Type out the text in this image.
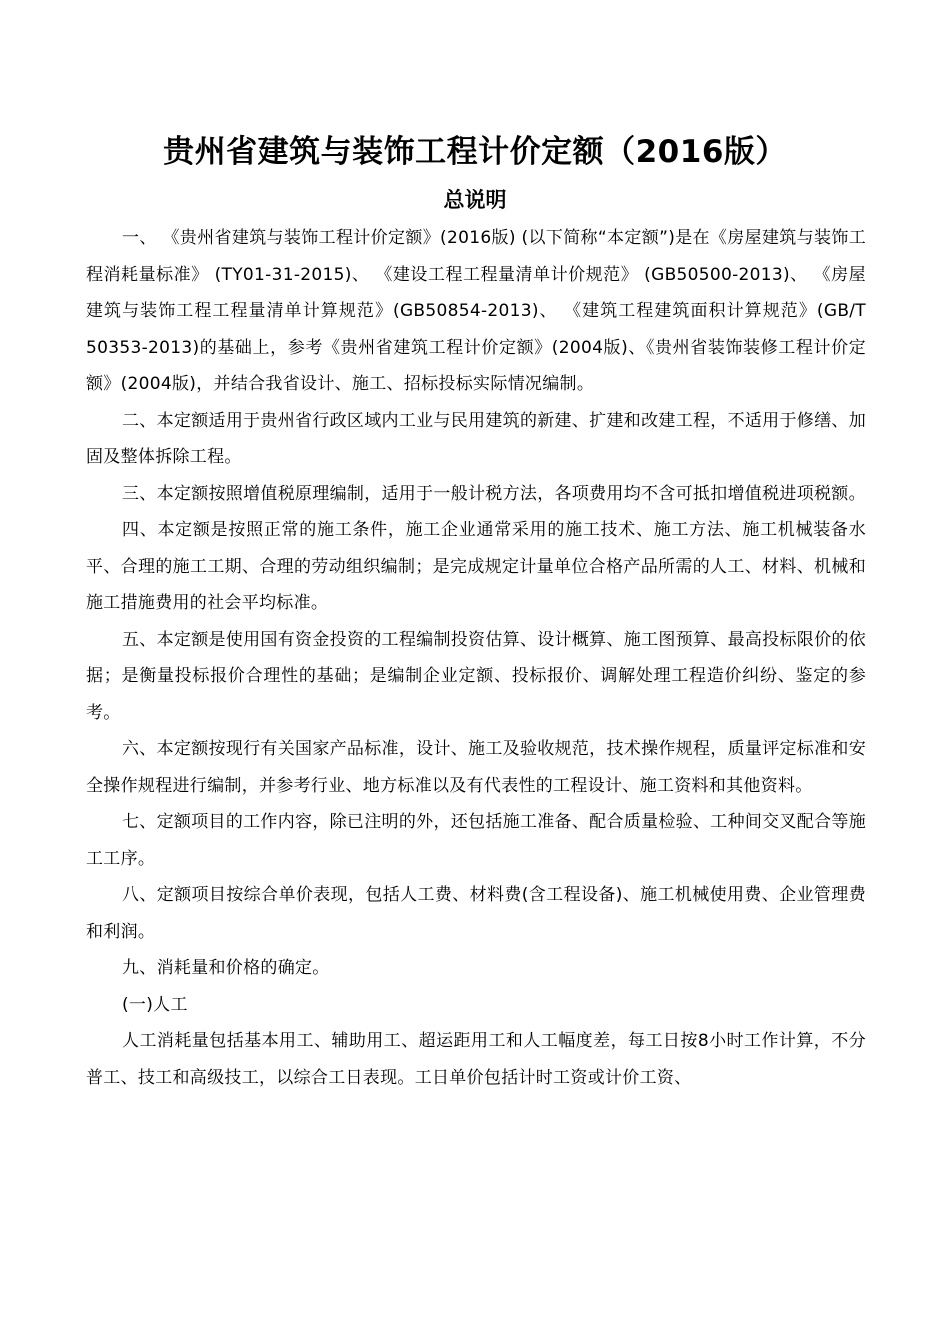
贵州省建筑与装饰工程计价定额（2016版）
总说明

一、 《贵州省建筑与装饰工程计价定额》(2016版) (以下简称“本定额”)是在《房屋建筑与装饰工程消耗量标准》 (TY01-31-2015)、 《建设工程工程量清单计价规范》 (GB50500-2013)、 《房屋建筑与装饰工程工程量清单计算规范》(GB50854-2013)、 《建筑工程建筑面积计算规范》(GB/T 50353-2013)的基础上，参考《贵州省建筑工程计价定额》(2004版)、《贵州省装饰装修工程计价定额》(2004版)，并结合我省设计、施工、招标投标实际情况编制。

二、本定额适用于贵州省行政区域内工业与民用建筑的新建、扩建和改建工程，不适用于修缮、加固及整体拆除工程。

三、本定额按照增值税原理编制，适用于一般计税方法，各项费用均不含可抵扣增值税进项税额。

四、本定额是按照正常的施工条件，施工企业通常采用的施工技术、施工方法、施工机械装备水平、合理的施工工期、合理的劳动组织编制；是完成规定计量单位合格产品所需的人工、材料、机械和施工措施费用的社会平均标准。

五、本定额是使用国有资金投资的工程编制投资估算、设计概算、施工图预算、最高投标限价的依据；是衡量投标报价合理性的基础；是编制企业定额、投标报价、调解处理工程造价纠纷、鉴定的参考。

六、本定额按现行有关国家产品标准，设计、施工及验收规范，技术操作规程，质量评定标准和安全操作规程进行编制，并参考行业、地方标准以及有代表性的工程设计、施工资料和其他资料。

七、定额项目的工作内容，除已注明的外，还包括施工准备、配合质量检验、工种间交叉配合等施工工序。

八、定额项目按综合单价表现，包括人工费、材料费(含工程设备)、施工机械使用费、企业管理费和利润。

九、消耗量和价格的确定。

(一)人工

人工消耗量包括基本用工、辅助用工、超运距用工和人工幅度差，每工日按8小时工作计算，不分普工、技工和高级技工，以综合工日表现。工日单价包括计时工资或计价工资、
